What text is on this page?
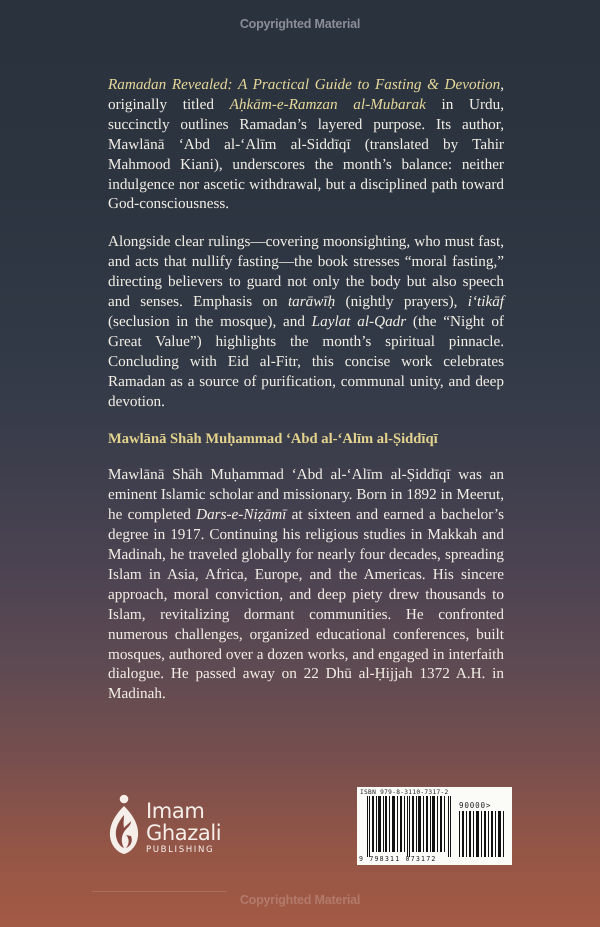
Copyrighted Material

Ramadan Revealed: A Practical Guide to Fasting & Devotion, originally titled Aḥkām-e-Ramzan al-Mubarak in Urdu, succinctly outlines Ramadan’s layered purpose. Its author, Mawlānā ‘Abd al-‘Alīm al-Siddīqī (translated by Tahir Mahmood Kiani), underscores the month’s balance: neither indulgence nor ascetic withdrawal, but a disciplined path toward God-consciousness.

Alongside clear rulings—covering moonsighting, who must fast, and acts that nullify fasting—the book stresses “moral fasting,” directing believers to guard not only the body but also speech and senses. Emphasis on tarāwīḥ (nightly prayers), i‘tikāf (seclusion in the mosque), and Laylat al-Qadr (the “Night of Great Value”) highlights the month’s spiritual pinnacle. Concluding with Eid al-Fitr, this concise work celebrates Ramadan as a source of purification, communal unity, and deep devotion.

Mawlānā Shāh Muḥammad ‘Abd al-‘Alīm al-Ṣiddīqī

Mawlānā Shāh Muḥammad ‘Abd al-‘Alīm al-Ṣiddīqī was an eminent Islamic scholar and missionary. Born in 1892 in Meerut, he completed Dars-e-Niẓāmī at sixteen and earned a bachelor’s degree in 1917. Continuing his religious studies in Makkah and Madinah, he traveled globally for nearly four decades, spreading Islam in Asia, Africa, Europe, and the Americas. His sincere approach, moral conviction, and deep piety drew thousands to Islam, revitalizing dormant communities. He confronted numerous challenges, organized educational conferences, built mosques, authored over a dozen works, and engaged in interfaith dialogue. He passed away on 22 Dhū al-Ḥijjah 1372 A.H. in Madinah.

Imam
Ghazali
PUBLISHING
ISBN 979-8-3110-7317-2
90000>
9 798311 073172
Copyrighted Material
